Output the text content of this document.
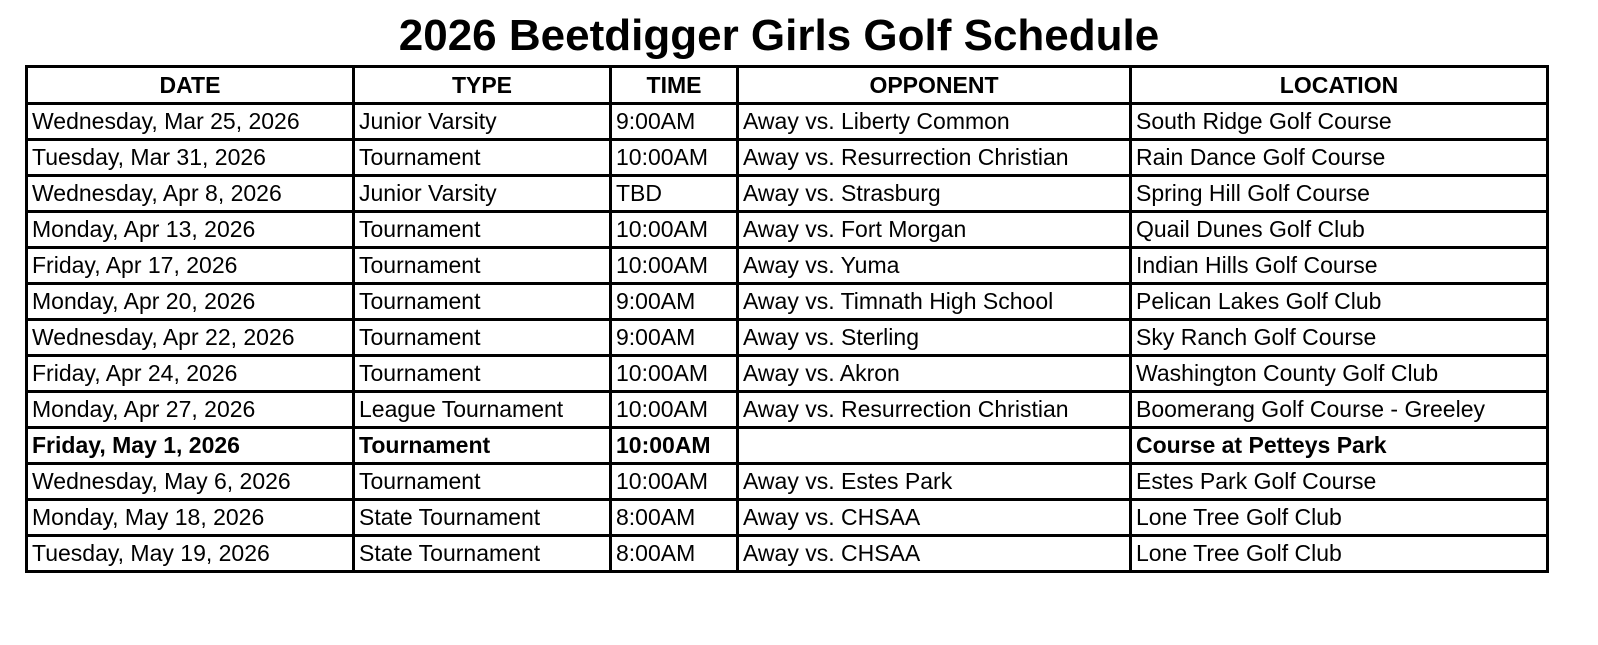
2026 Beetdigger Girls Golf Schedule
DATE	TYPE	TIME	OPPONENT	LOCATION
Wednesday, Mar 25, 2026	Junior Varsity	9:00AM	Away vs. Liberty Common	South Ridge Golf Course
Tuesday, Mar 31, 2026	Tournament	10:00AM	Away vs. Resurrection Christian	Rain Dance Golf Course
Wednesday, Apr 8, 2026	Junior Varsity	TBD	Away vs. Strasburg	Spring Hill Golf Course
Monday, Apr 13, 2026	Tournament	10:00AM	Away vs. Fort Morgan	Quail Dunes Golf Club
Friday, Apr 17, 2026	Tournament	10:00AM	Away vs. Yuma	Indian Hills Golf Course
Monday, Apr 20, 2026	Tournament	9:00AM	Away vs. Timnath High School	Pelican Lakes Golf Club
Wednesday, Apr 22, 2026	Tournament	9:00AM	Away vs. Sterling	Sky Ranch Golf Course
Friday, Apr 24, 2026	Tournament	10:00AM	Away vs. Akron	Washington County Golf Club
Monday, Apr 27, 2026	League Tournament	10:00AM	Away vs. Resurrection Christian	Boomerang Golf Course - Greeley
Friday, May 1, 2026	Tournament	10:00AM		Course at Petteys Park
Wednesday, May 6, 2026	Tournament	10:00AM	Away vs. Estes Park	Estes Park Golf Course
Monday, May 18, 2026	State Tournament	8:00AM	Away vs. CHSAA	Lone Tree Golf Club
Tuesday, May 19, 2026	State Tournament	8:00AM	Away vs. CHSAA	Lone Tree Golf Club
